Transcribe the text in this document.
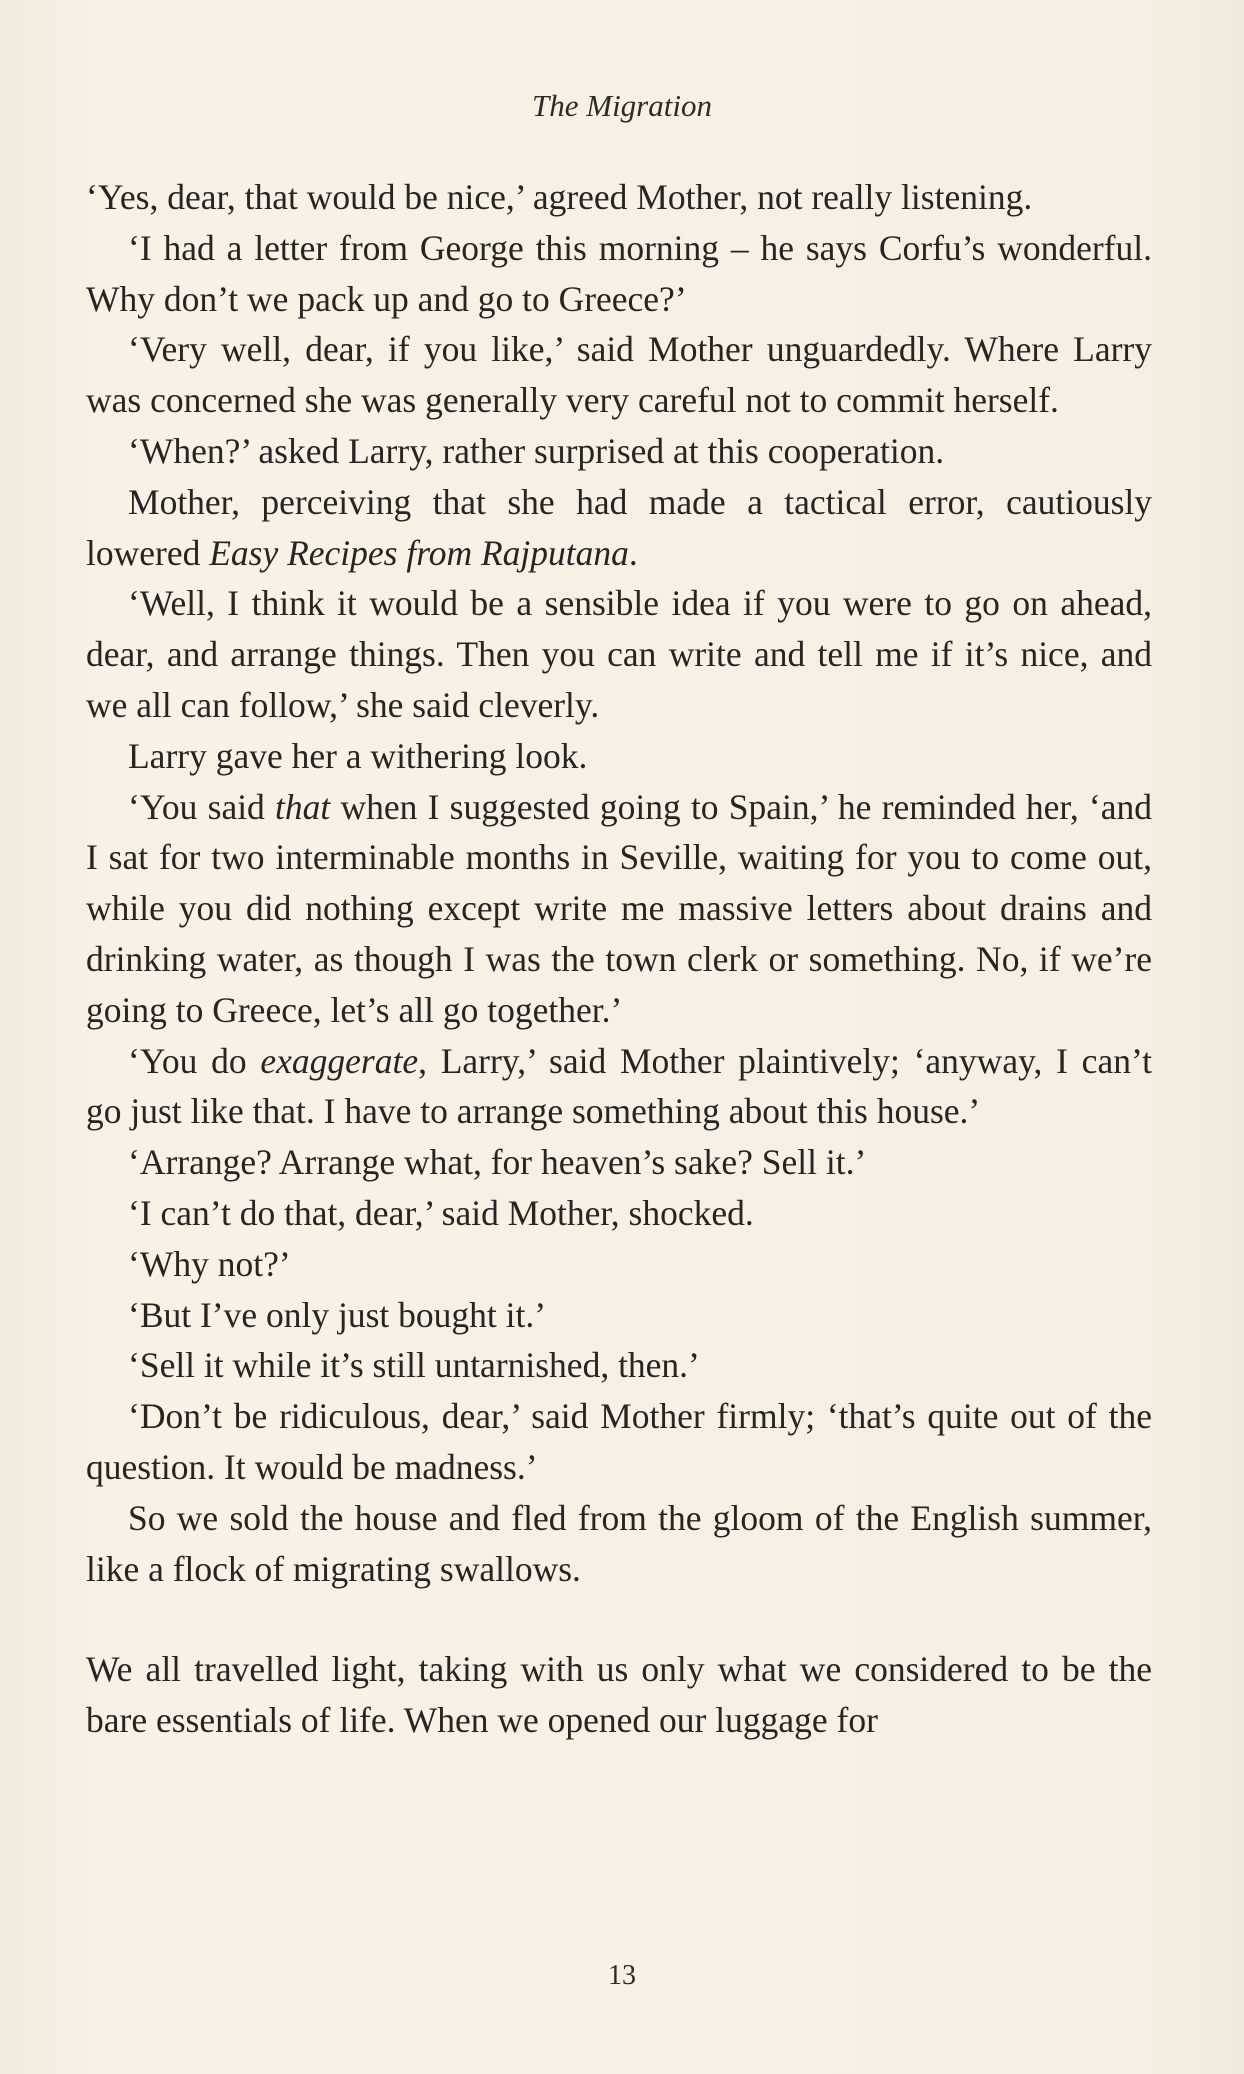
The Migration

‘Yes, dear, that would be nice,’ agreed Mother, not really listening.

‘I had a letter from George this morning – he says Corfu’s wonderful. Why don’t we pack up and go to Greece?’

‘Very well, dear, if you like,’ said Mother unguardedly. Where Larry was concerned she was generally very careful not to commit herself.

‘When?’ asked Larry, rather surprised at this cooperation.

Mother, perceiving that she had made a tactical error, cautiously lowered Easy Recipes from Rajputana.

‘Well, I think it would be a sensible idea if you were to go on ahead, dear, and arrange things. Then you can write and tell me if it’s nice, and we all can follow,’ she said cleverly.

Larry gave her a withering look.

‘You said that when I suggested going to Spain,’ he reminded her, ‘and I sat for two interminable months in Seville, waiting for you to come out, while you did nothing except write me massive letters about drains and drinking water, as though I was the town clerk or something. No, if we’re going to Greece, let’s all go together.’

‘You do exaggerate, Larry,’ said Mother plaintively; ‘anyway, I can’t go just like that. I have to arrange something about this house.’

‘Arrange? Arrange what, for heaven’s sake? Sell it.’

‘I can’t do that, dear,’ said Mother, shocked.

‘Why not?’

‘But I’ve only just bought it.’

‘Sell it while it’s still untarnished, then.’

‘Don’t be ridiculous, dear,’ said Mother firmly; ‘that’s quite out of the question. It would be madness.’

So we sold the house and fled from the gloom of the English summer, like a flock of migrating swallows.

We all travelled light, taking with us only what we considered to be the bare essentials of life. When we opened our luggage for

13
